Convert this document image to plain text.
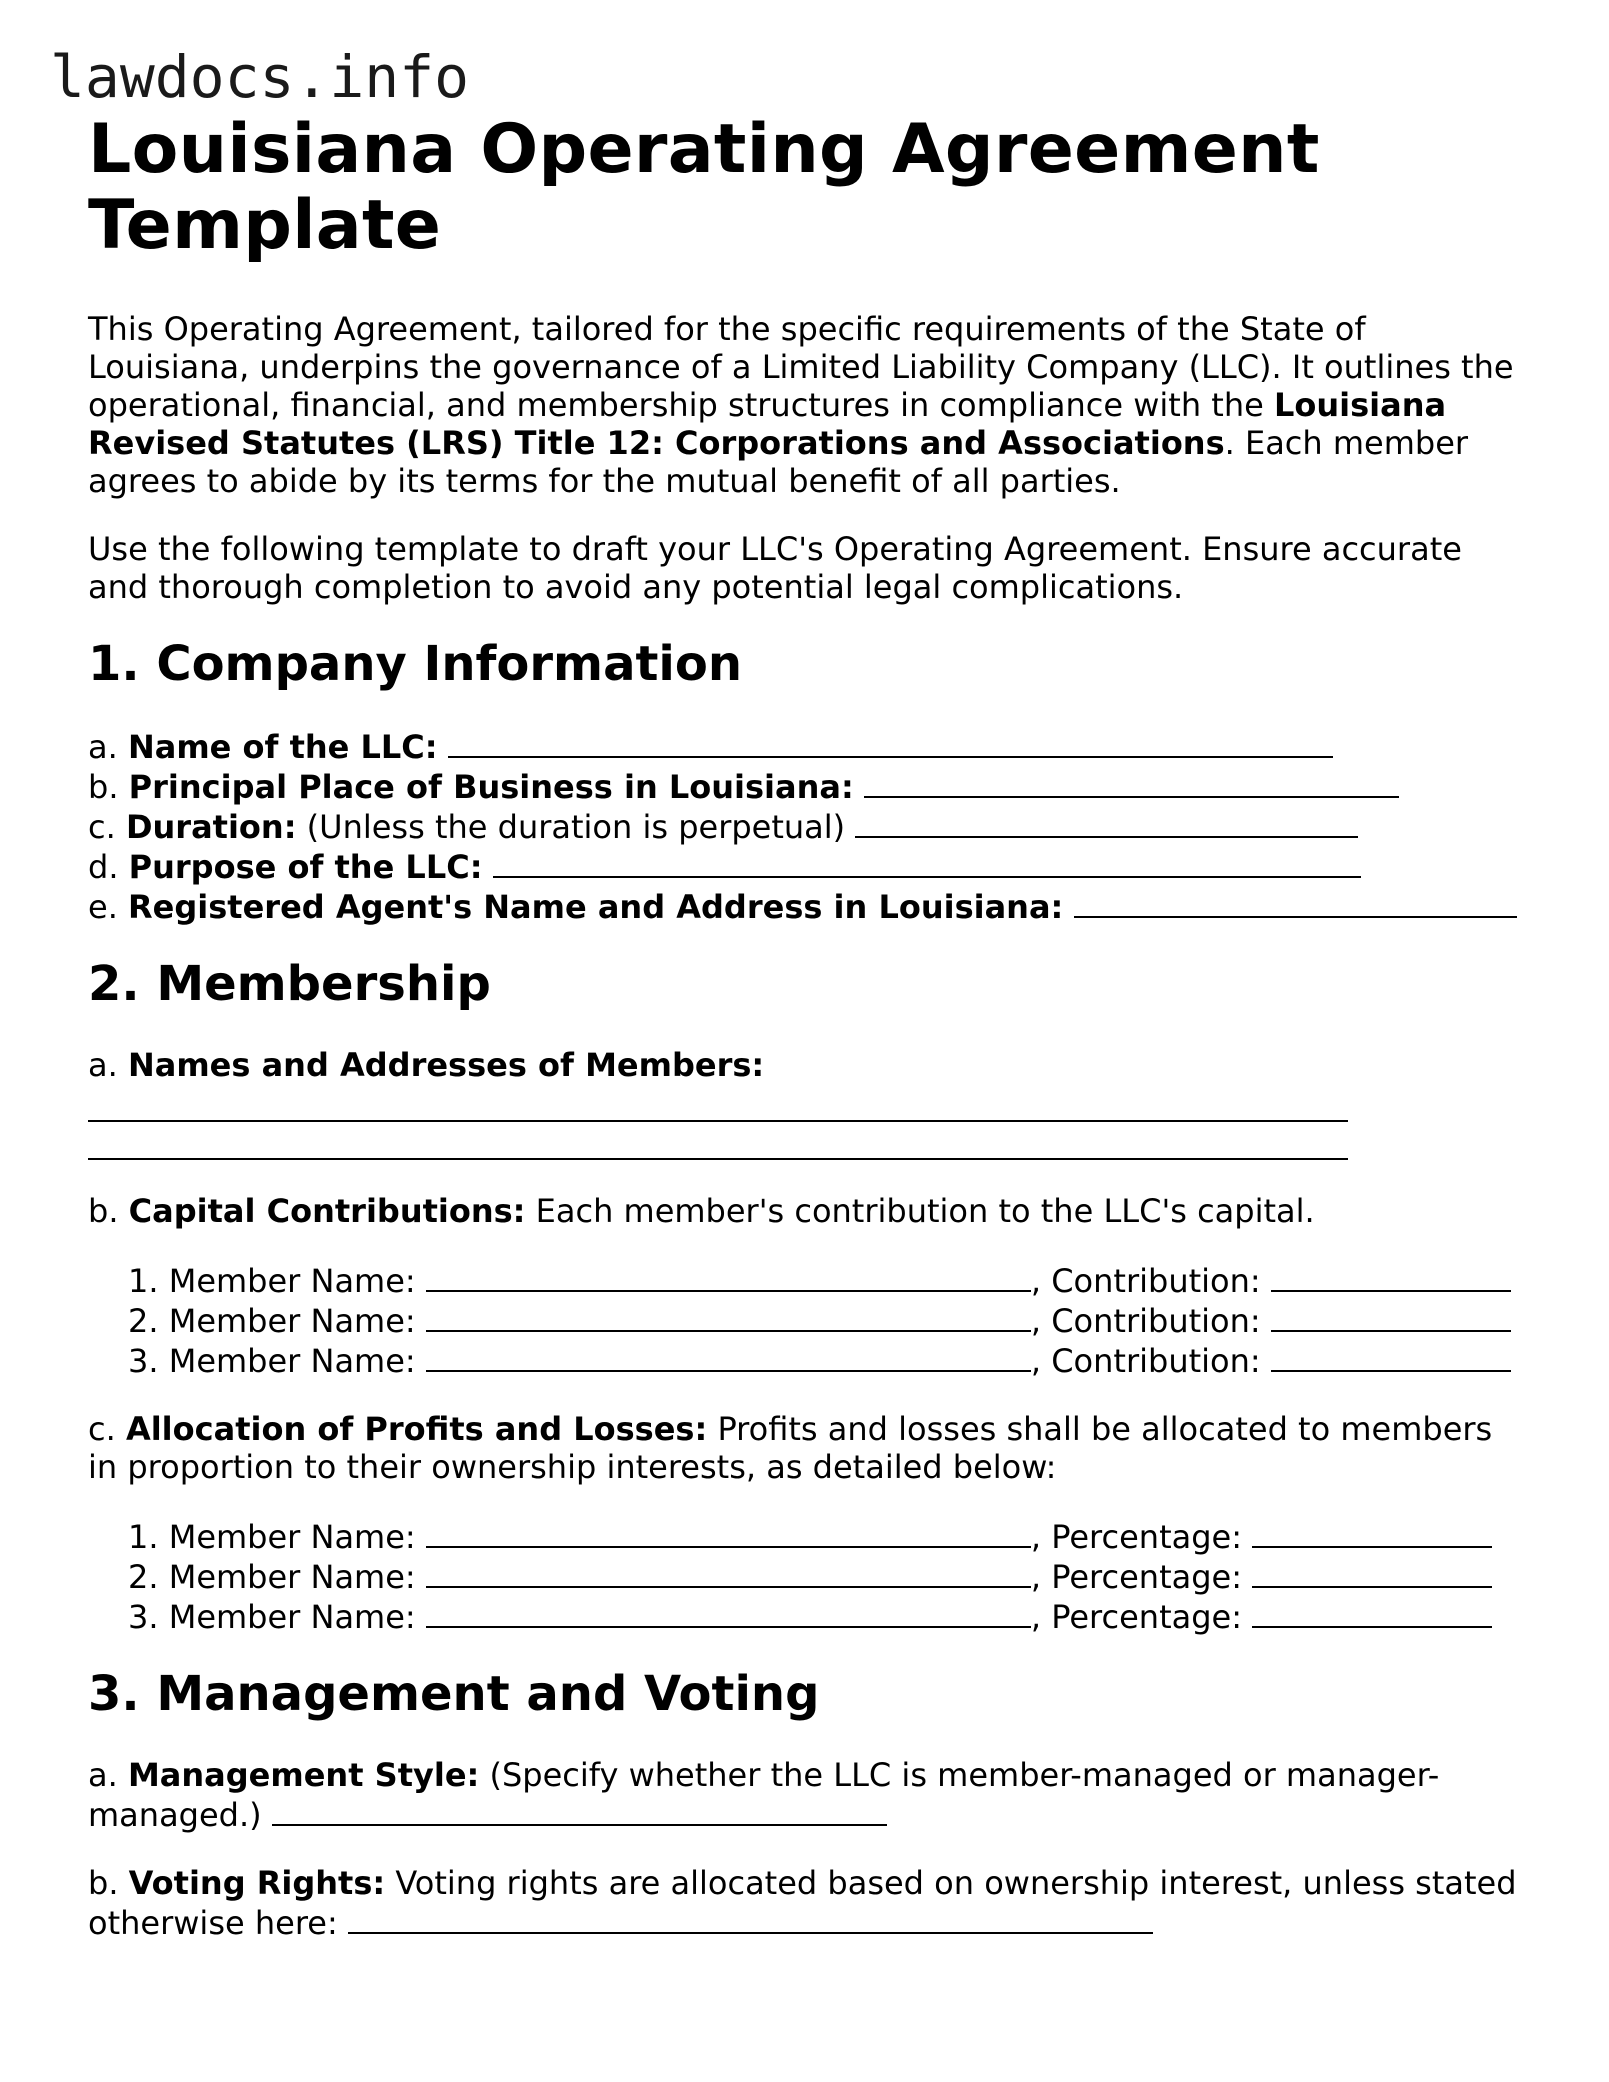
lawdocs.info
Louisiana Operating Agreement
Template

This Operating Agreement, tailored for the specific requirements of the State of Louisiana, underpins the governance of a Limited Liability Company (LLC). It outlines the operational, financial, and membership structures in compliance with the Louisiana Revised Statutes (LRS) Title 12: Corporations and Associations. Each member agrees to abide by its terms for the mutual benefit of all parties.

Use the following template to draft your LLC's Operating Agreement. Ensure accurate and thorough completion to avoid any potential legal complications.

1. Company Information
a. Name of the LLC:
b. Principal Place of Business in Louisiana:
c. Duration: (Unless the duration is perpetual)
d. Purpose of the LLC:
e. Registered Agent's Name and Address in Louisiana:
2. Membership
a. Names and Addresses of Members:

b. Capital Contributions: Each member's contribution to the LLC's capital.

1. Member Name:	, Contribution:
2. Member Name:	, Contribution:
3. Member Name:	, Contribution:

c. Allocation of Profits and Losses: Profits and losses shall be allocated to members in proportion to their ownership interests, as detailed below:

1. Member Name:	, Percentage:
2. Member Name:	, Percentage:
3. Member Name:	, Percentage:
3. Management and Voting

a. Management Style: (Specify whether the LLC is member-managed or manager-managed.)

b. Voting Rights: Voting rights are allocated based on ownership interest, unless stated otherwise here:
